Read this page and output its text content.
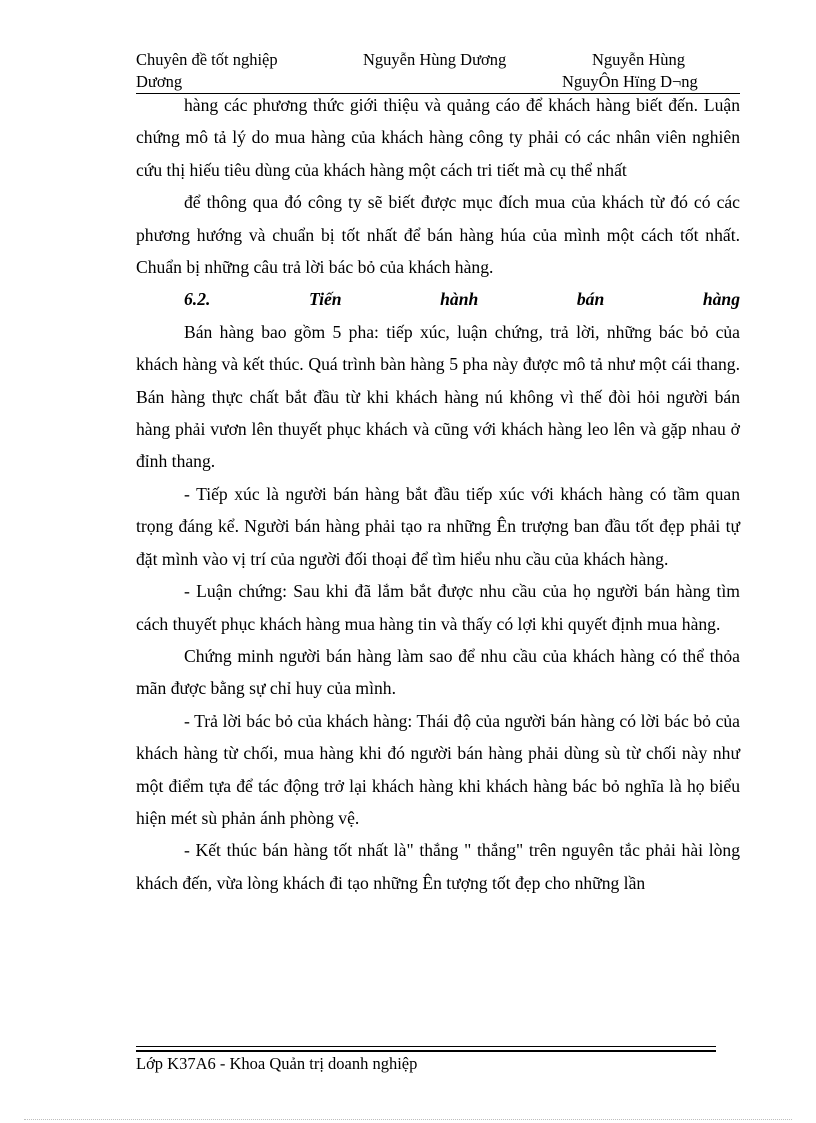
Chuyên đề tốt nghiệp	Nguyễn Hùng Dương	Nguyễn Hùng
Dương	NguyÔn Hïng D¬ng

hàng các phương thức giới thiệu và quảng cáo để khách hàng biết đến. Luận chứng mô tả lý do mua hàng của khách hàng công ty phải có các nhân viên nghiên cứu thị hiếu tiêu dùng của khách hàng một cách tri tiết mà cụ thể nhất

để thông qua đó công ty sẽ biết được mục đích mua của khách từ đó có các phương hướng và chuẩn bị tốt nhất để bán hàng húa của mình một cách tốt nhất. Chuẩn bị những câu trả lời bác bỏ của khách hàng.

6.2.	Tiến	hành	bán	hàng

Bán hàng bao gồm 5 pha: tiếp xúc, luận chứng, trả lời, những bác bỏ của khách hàng và kết thúc. Quá trình bàn hàng 5 pha này được mô tả như một cái thang. Bán hàng thực chất bắt đầu từ khi khách hàng nú không vì thế đòi hỏi người bán hàng phải vươn lên thuyết phục khách và cũng với khách hàng leo lên và gặp nhau ở đỉnh thang.

- Tiếp xúc là người bán hàng bắt đầu tiếp xúc với khách hàng có tầm quan trọng đáng kể. Người bán hàng phải tạo ra những Ên trượng ban đầu tốt đẹp phải tự đặt mình vào vị trí của người đối thoại để tìm hiểu nhu cầu của khách hàng.

- Luận chứng: Sau khi đã lắm bắt được nhu cầu của họ người bán hàng tìm cách thuyết phục khách hàng mua hàng tin và thấy có lợi khi quyết định mua hàng.

Chứng minh người bán hàng làm sao để nhu cầu của khách hàng có thể thỏa mãn được bằng sự chỉ huy của mình.

- Trả lời bác bỏ của khách hàng: Thái độ của người bán hàng có lời bác bỏ của khách hàng từ chối, mua hàng khi đó người bán hàng phải dùng sù từ chối này như một điểm tựa để tác động trở lại khách hàng khi khách hàng bác bỏ nghĩa là họ biểu hiện mét sù phản ánh phòng vệ.

- Kết thúc bán hàng tốt nhất là" thắng " thắng" trên nguyên tắc phải hài lòng khách đến, vừa lòng khách đi tạo những Ên tượng tốt đẹp cho những lần

Lớp K37A6 - Khoa Quản trị doanh nghiệp
